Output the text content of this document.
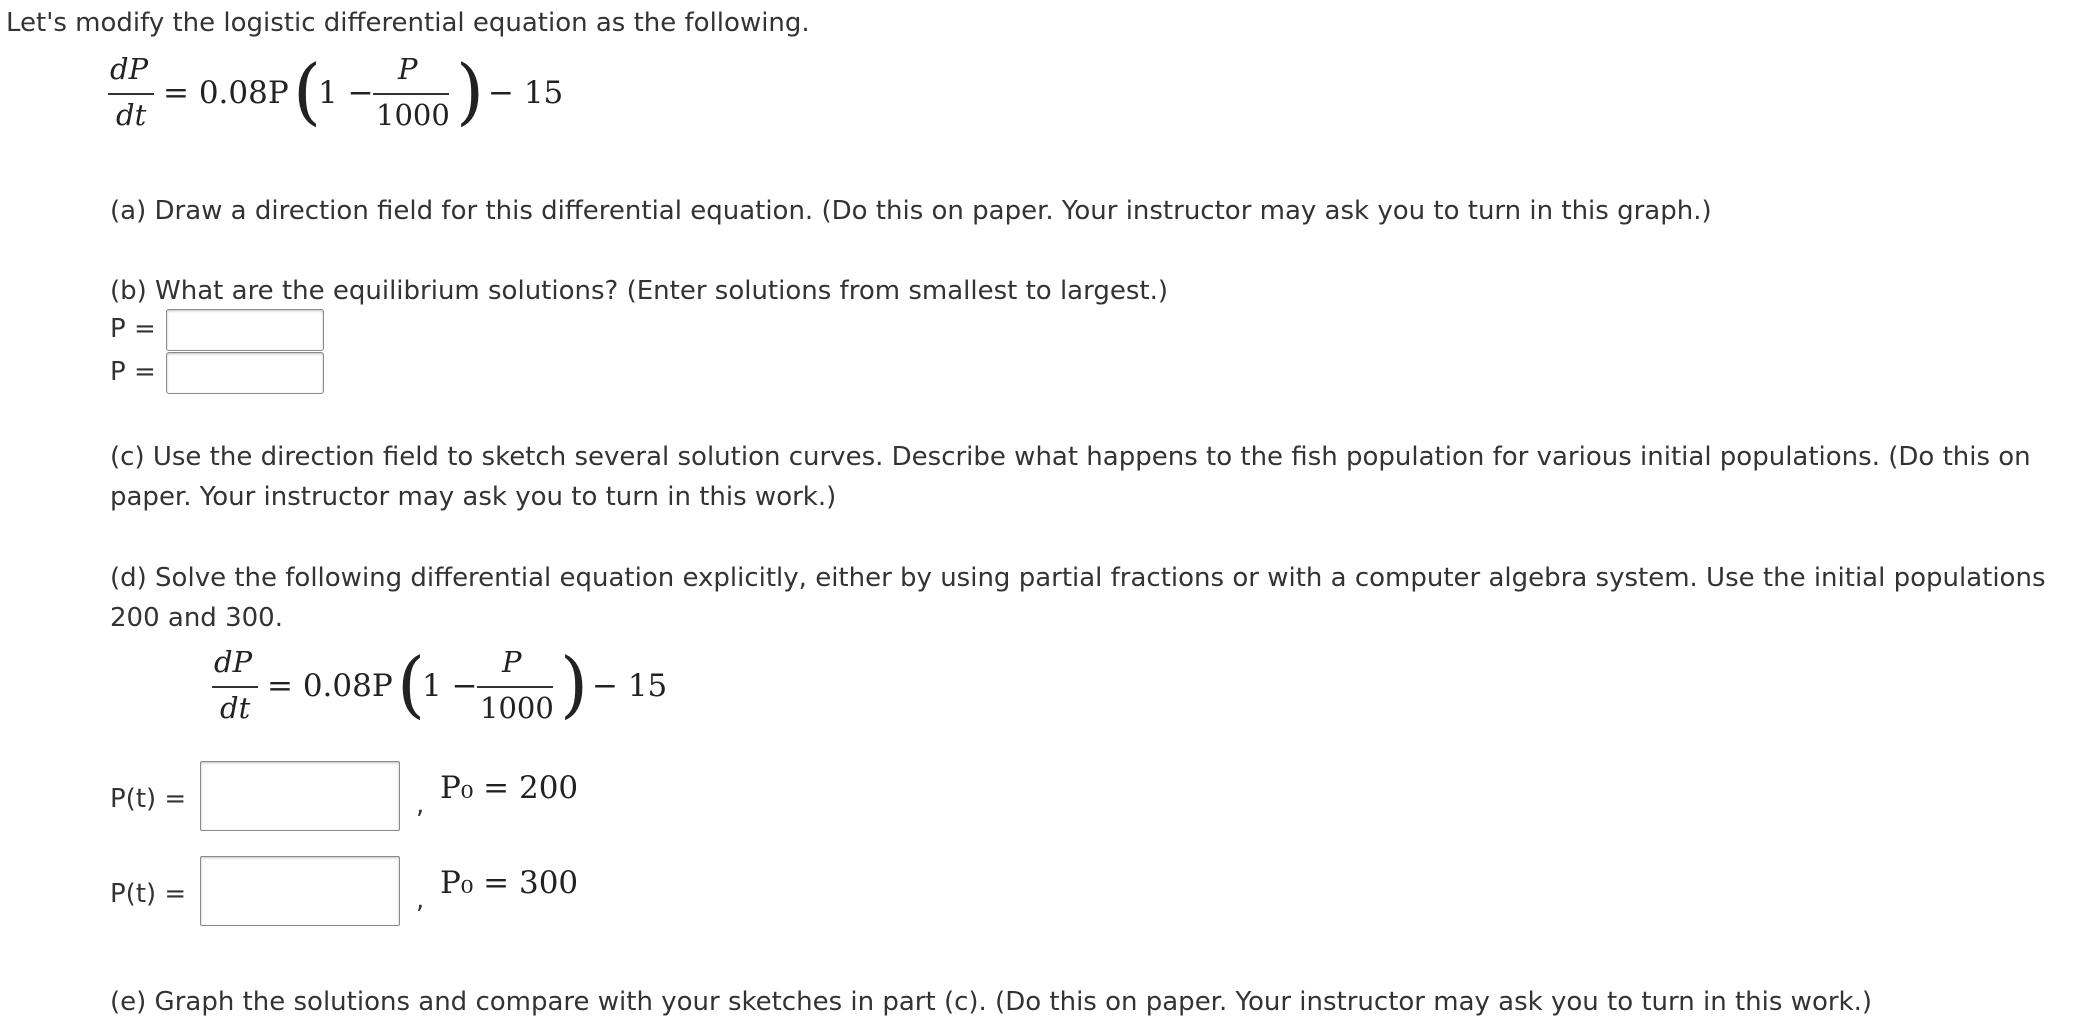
Let's modify the logistic differential equation as the following.
dP
dt
= 0.08P (
1 −
P
1000 ) − 15
(a) Draw a direction field for this differential equation. (Do this on paper. Your instructor may ask you to turn in this graph.)
(b) What are the equilibrium solutions? (Enter solutions from smallest to largest.)
P =
P =
(c) Use the direction field to sketch several solution curves. Describe what happens to the fish population for various initial populations. (Do this on paper. Your instructor may ask you to turn in this work.)
(d) Solve the following differential equation explicitly, either by using partial fractions or with a computer algebra system. Use the initial populations 200 and 300.
dP
dt
= 0.08P (
1 −
P
1000 ) − 15
P(t) =	, P₀ = 200
P(t) =	, P₀ = 300
(e) Graph the solutions and compare with your sketches in part (c). (Do this on paper. Your instructor may ask you to turn in this work.)
